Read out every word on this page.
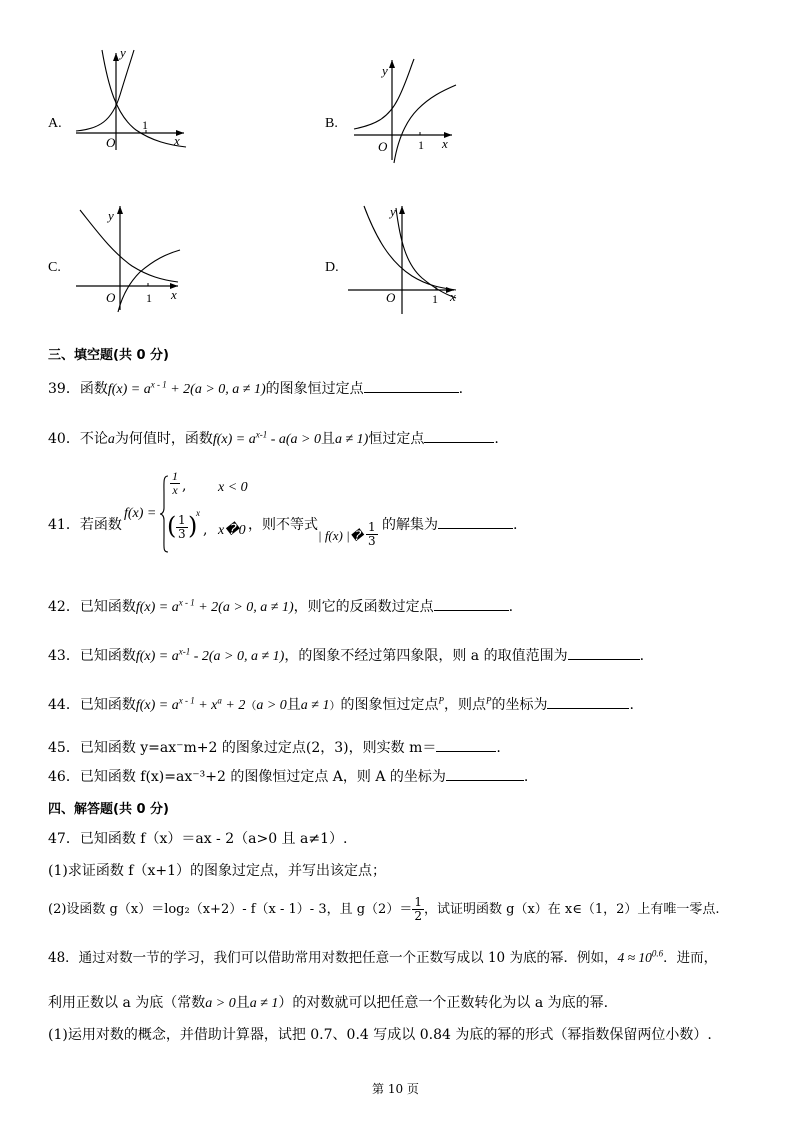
A.
O
1
x
y
B.
O	1 x
y
C.
O	1 x
y
D.
O	1 x
y
三、填空题(共 0 分)
39．函数$f(x) = a^{x - 1} + 2(a > 0$, a ≠ 1)的图象恒过定点	.
40．不论a为何值时，函数$f(x) = a^{x-1} - a(a > 0$且a ≠ 1)恒过定点	.
41．若函数
f(x) =
$\frac{1}{x}$ , x < 0
( $\frac{1}{3}$ )
x
, x�0 ，则不等式
| f(x) |� $\frac{1}{3}$ 的解集为	.
42．已知函数$f(x) = a^{x - 1} + 2(a > 0$, a ≠ 1)，则它的反函数过定点	.
43．已知函数$f(x) = a^{x-1} - 2(a > 0$, a ≠ 1)，的图象不经过第四象限，则 a 的取值范围为	.
44．已知函数$f(x) = a^{x - 1} + x^a + 2(a > 0$且a ≠ 1）的图象恒过定点$^P$，则点$^P$的坐标为	.
45．已知函数 y=ax⁻m+2 的图象过定点(2，3)，则实数 m＝	.
46．已知函数 f(x)=ax⁻³+2 的图像恒过定点 A，则 A 的坐标为	.
四、解答题(共 0 分)
47．已知函数 f（x）＝ax - 2（a>0 且 a≠1）.
(1)求证函数 f（x+1）的图象过定点，并写出该定点；
(2)设函数 g（x）＝log₂（x+2）- f（x - 1）- 3，且 $g(2)= \frac{1}{2}$ ，试证明函数 g（x）在 x∈（1，2）上有唯一零点.
48．通过对数一节的学习，我们可以借助常用对数把任意一个正数写成以 10 为底的幂．例如，$4 \approx 10^{0.6}$．进而，
利用正数以 a 为底（常数a > 0且a ≠ 1）的对数就可以把任意一个正数转化为以 a 为底的幂.
(1)运用对数的概念，并借助计算器，试把 0.7、0.4 写成以 0.84 为底的幂的形式（幂指数保留两位小数）.
第 10 页
